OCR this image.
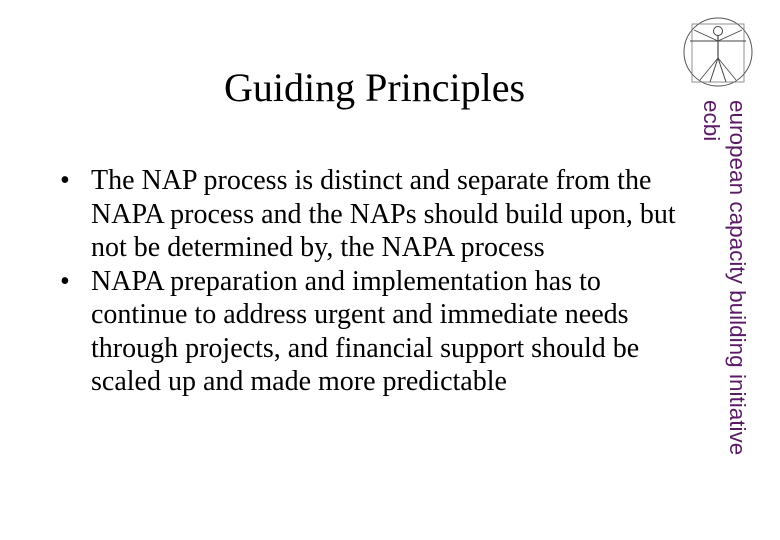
Guiding Principles
• The NAP process is distinct and separate from the NAPA process and the NAPs should build upon, but not be determined by, the NAPA process
• NAPA preparation and implementation has to continue to address urgent and immediate needs through projects, and financial support should be scaled up and made more predictable	european capacity building initiative
ecbi
